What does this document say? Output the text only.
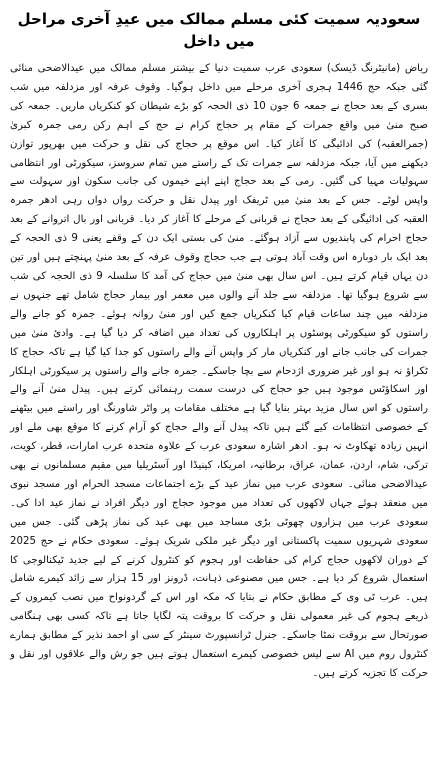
سعودیہ سمیت کئی مسلم ممالک میں عیدِ آخری مراحل میں داخل

ریاض (مانیٹرنگ ڈیسک) سعودی عرب سمیت دنیا کے بیشتر مسلم ممالک میں عیدالاضحی منائی گئی جبکہ حج 1446 ہجری آخری مرحلے میں داخل ہوگیا۔ وقوف عرفہ اور مزدلفہ میں شب بسری کے بعد حجاج نے جمعہ 6 جون 10 ذی الحجہ کو بڑے شیطان کو کنکریاں ماریں۔ جمعہ کی صبح منیٰ میں واقع جمرات کے مقام پر حجاج کرام نے حج کے اہم رکن رمی جمرہ کبریٰ (جمرالعقبہ) کی ادائیگی کا آغاز کیا۔ اس موقع پر حجاج کی نقل و حرکت میں بھرپور توازن دیکھنے میں آیا، جبکہ مزدلفہ سے جمرات تک کے راستے میں تمام سروسز، سیکورٹی اور انتظامی سہولیات مہیا کی گئیں۔ رمی کے بعد حجاج اپنے اپنے خیموں کی جانب سکون اور سہولت سے واپس لوٹے۔ جس کے بعد منیٰ میں ٹریفک اور پیدل نقل و حرکت رواں دواں رہی ادھر جمرہ العقبہ کی ادائیگی کے بعد حجاج نے قربانی کے مرحلے کا آغاز کر دیا۔ قربانی اور بال اتروانے کے بعد حجاج احرام کی پابندیوں سے آزاد ہوگئے۔ منیٰ کی بستی ایک دن کے وقفے یعنی 9 ذی الحجہ کے بعد ایک بار دوبارہ اس وقت آباد ہوتی ہے جب حجاج وقوف عرفہ کے بعد منیٰ پہنچتے ہیں اور تین دن یہاں قیام کرتے ہیں۔ اس سال بھی منیٰ میں حجاج کی آمد کا سلسلہ 9 ذی الحجہ کی شب سے شروع ہوگیا تھا۔ مزدلفہ سے جلد آنے والوں میں معمر اور بیمار حجاج شامل تھے جنہوں نے مزدلفہ میں چند ساعات قیام کیا کنکریاں جمع کیں اور منیٰ روانہ ہوئے۔ جمرہ کو جانے والے راستوں کو سیکورٹی پوسٹوں پر اہلکاروں کی تعداد میں اضافہ کر دیا گیا ہے۔ وادیٔ منیٰ میں جمرات کی جانب جانے اور کنکریاں مار کر واپس آنے والے راستوں کو جدا کیا گیا ہے تاکہ حجاج کا ٹکراؤ نہ ہو اور غیر ضروری اژدحام سے بچا جاسکے۔ جمرہ جانے والے راستوں پر سیکورٹی اہلکار اور اسکاؤٹس موجود ہیں جو حجاج کی درست سمت رہنمائی کرتے ہیں۔ پیدل منیٰ آنے والے راستوں کو اس سال مزید بہتر بنایا گیا ہے مختلف مقامات پر واٹر شاورنگ اور راستے میں بیٹھنے کے خصوصی انتظامات کیے گئے ہیں تاکہ پیدل آنے والے حجاج کو آرام کرنے کا موقع بھی ملے اور انہیں زیادہ تھکاوٹ نہ ہو۔ ادھر اشارہ سعودی عرب کے علاوہ متحدہ عرب امارات، قطر، کویت، ترکی، شام، اردن، عمان، عراق، برطانیہ، امریکا، کینیڈا اور آسٹریلیا میں مقیم مسلمانوں نے بھی عیدالاضحی منائی۔ سعودی عرب میں نماز عید کے بڑے اجتماعات مسجد الحرام اور مسجد نبوی میں منعقد ہوئے جہاں لاکھوں کی تعداد میں موجود حجاج اور دیگر افراد نے نماز عید ادا کی۔ سعودی عرب میں ہزاروں چھوٹی بڑی مساجد میں بھی عید کی نماز پڑھی گئی۔ جس میں سعودی شہریوں سمیت پاکستانی اور دیگر غیر ملکی شریک ہوئے۔ سعودی حکام نے حج 2025 کے دوران لاکھوں حجاج کرام کی حفاظت اور ہجوم کو کنٹرول کرنے کے لیے جدید ٹیکنالوجی کا استعمال شروع کر دیا ہے۔ جس میں مصنوعی ذہانت، ڈرونز اور 15 ہزار سے زائد کیمرے شامل ہیں۔ عرب ٹی وی کے مطابق حکام نے بتایا کہ مکہ اور اس کے گردونواح میں نصب کیمروں کے ذریعے ہجوم کی غیر معمولی نقل و حرکت کا بروقت پتہ لگایا جاتا ہے تاکہ کسی بھی ہنگامی صورتحال سے بروقت نمٹا جاسکے۔ جنرل ٹرانسپورٹ سینٹر کے سی او احمد نذیر کے مطابق ہمارے کنٹرول روم میں AI سے لیس خصوصی کیمرے استعمال ہوتے ہیں جو رش والے علاقوں اور نقل و حرکت کا تجزیہ کرتے ہیں۔
